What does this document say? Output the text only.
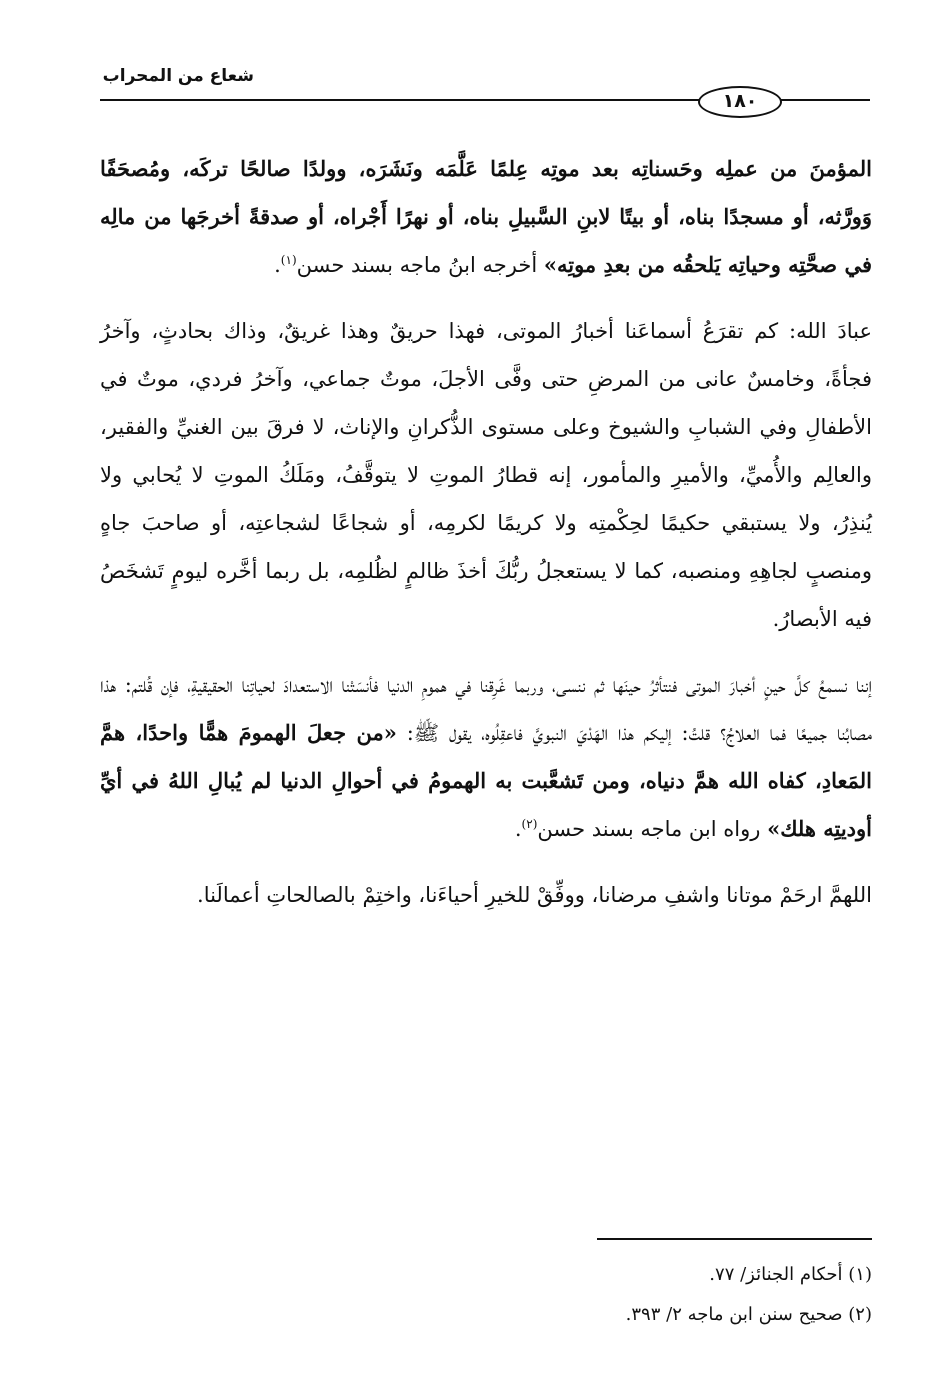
شعاع من المحراب
١٨٠

المؤمنَ من عملِه وحَسناتِه بعد موتِه عِلمًا عَلَّمَه ونَشَرَه، وولدًا صالحًا تركَه، ومُصحَفًا وَورَّثه، أو مسجدًا بناه، أو بيتًا لابنِ السَّبيلِ بناه، أو نهرًا أَجْراه، أو صدقةً أخرجَها من مالِه في صحَّتِه وحياتِه يَلحقُه من بعدِ موتِه» أخرجه ابنُ ماجه بسند حسن$^{(١)}$.

عبادَ الله: كم تقرَعُ أسماعَنا أخبارُ الموتى، فهذا حريقٌ وهذا غريقٌ، وذاك بحادثٍ، وآخرُ فجأةً، وخامسٌ عانى من المرضِ حتى وفَّى الأجلَ، موتٌ جماعي، وآخرُ فردي، موتٌ في الأطفالِ وفي الشبابِ والشيوخ وعلى مستوى الذُّكرانِ والإناث، لا فرقَ بين الغنيِّ والفقير، والعالِم والأُميِّ، والأميرِ والمأمور، إنه قطارُ الموتِ لا يتوقَّفُ، ومَلَكُ الموتِ لا يُحابي ولا يُنذِرُ، ولا يستبقي حكيمًا لحِكْمتِه ولا كريمًا لكرمِه، أو شجاعًا لشجاعتِه، أو صاحبَ جاهٍ ومنصبٍ لجاهِهِ ومنصبه، كما لا يستعجلُ ربُّكَ أخذَ ظالمٍ لظُلمِه، بل ربما أخَّره ليومٍ تَشخَصُ فيه الأبصارُ.

إننا نسمعُ كلَّ حينٍ أخبارَ الموتى فنتأثرُ حينَها ثم ننسى، وربما غَرِقنا في همومِ الدنيا فأنسَتْنا الاستعدادَ لحياتِنا الحقيقيةِ، فإن قُلتم: هذا مصابُنا جميعًا فما العلاجُ؟ قلتُ: إليكم هذا الهَدْيَ النبويَّ فاعقِلُوه، يقول ﷺ: «من جعلَ الهمومَ همًّا واحدًا، همَّ المَعادِ، كفاه الله همَّ دنياه، ومن تَشعَّبت به الهمومُ في أحوالِ الدنيا لم يُبالِ اللهُ في أيِّ أوديتِه هلك» رواه ابن ماجه بسند حسن$^{(٢)}$.

اللهمَّ ارحَمْ موتانا واشفِ مرضانا، ووفِّقْ للخيرِ أحياءَنا، واختِمْ بالصالحاتِ أعمالَنا.

(١) أحكام الجنائز/ ٧٧.
(٢) صحيح سنن ابن ماجه ٢/ ٣٩٣.
